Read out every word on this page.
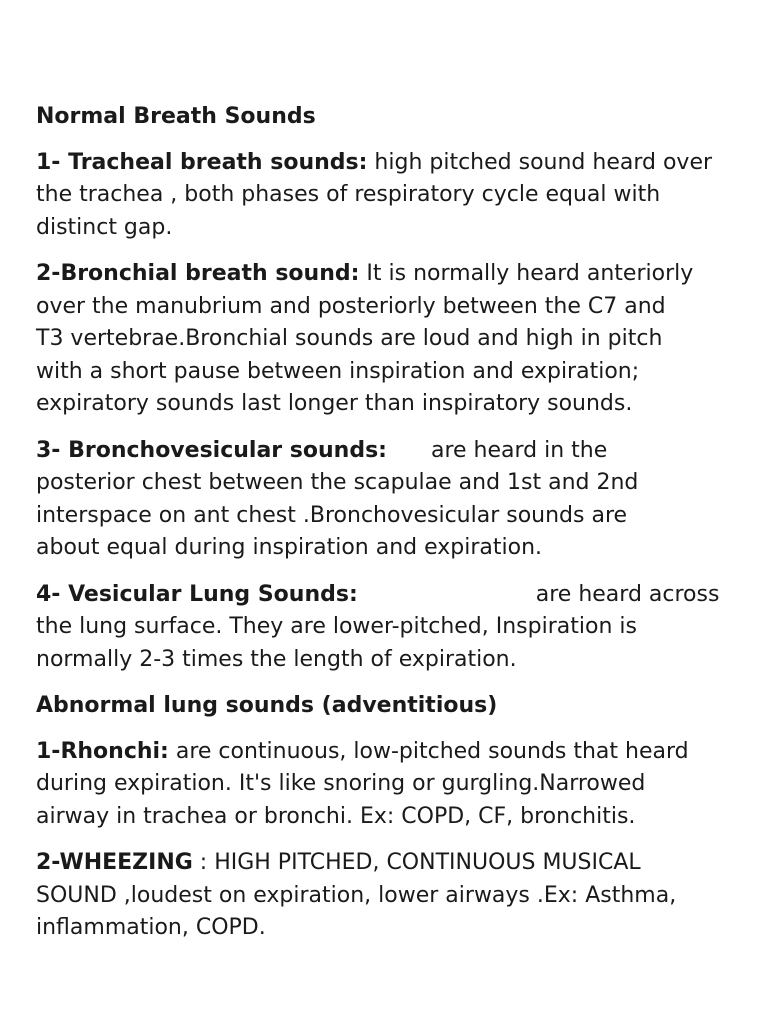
Normal Breath Sounds

1- Tracheal breath sounds: high pitched sound heard over
the trachea , both phases of respiratory cycle equal with
distinct gap.
2-Bronchial breath sound: It is normally heard anteriorly
over the manubrium and posteriorly between the C7 and
T3 vertebrae.Bronchial sounds are loud and high in pitch
with a short pause between inspiration and expiration;
expiratory sounds last longer than inspiratory sounds.
3- Bronchovesicular sounds: are heard in the
posterior chest between the scapulae and 1st and 2nd
interspace on ant chest .Bronchovesicular sounds are
about equal during inspiration and expiration.
4- Vesicular Lung Sounds:	are heard across
the lung surface. They are lower-pitched, Inspiration is
normally 2-3 times the length of expiration.

Abnormal lung sounds (adventitious)

1-Rhonchi: are continuous, low-pitched sounds that heard
during expiration. It's like snoring or gurgling.Narrowed
airway in trachea or bronchi. Ex: COPD, CF, bronchitis.
2-WHEEZING : HIGH PITCHED, CONTINUOUS MUSICAL
SOUND ,loudest on expiration, lower airways .Ex: Asthma,
inflammation, COPD.
